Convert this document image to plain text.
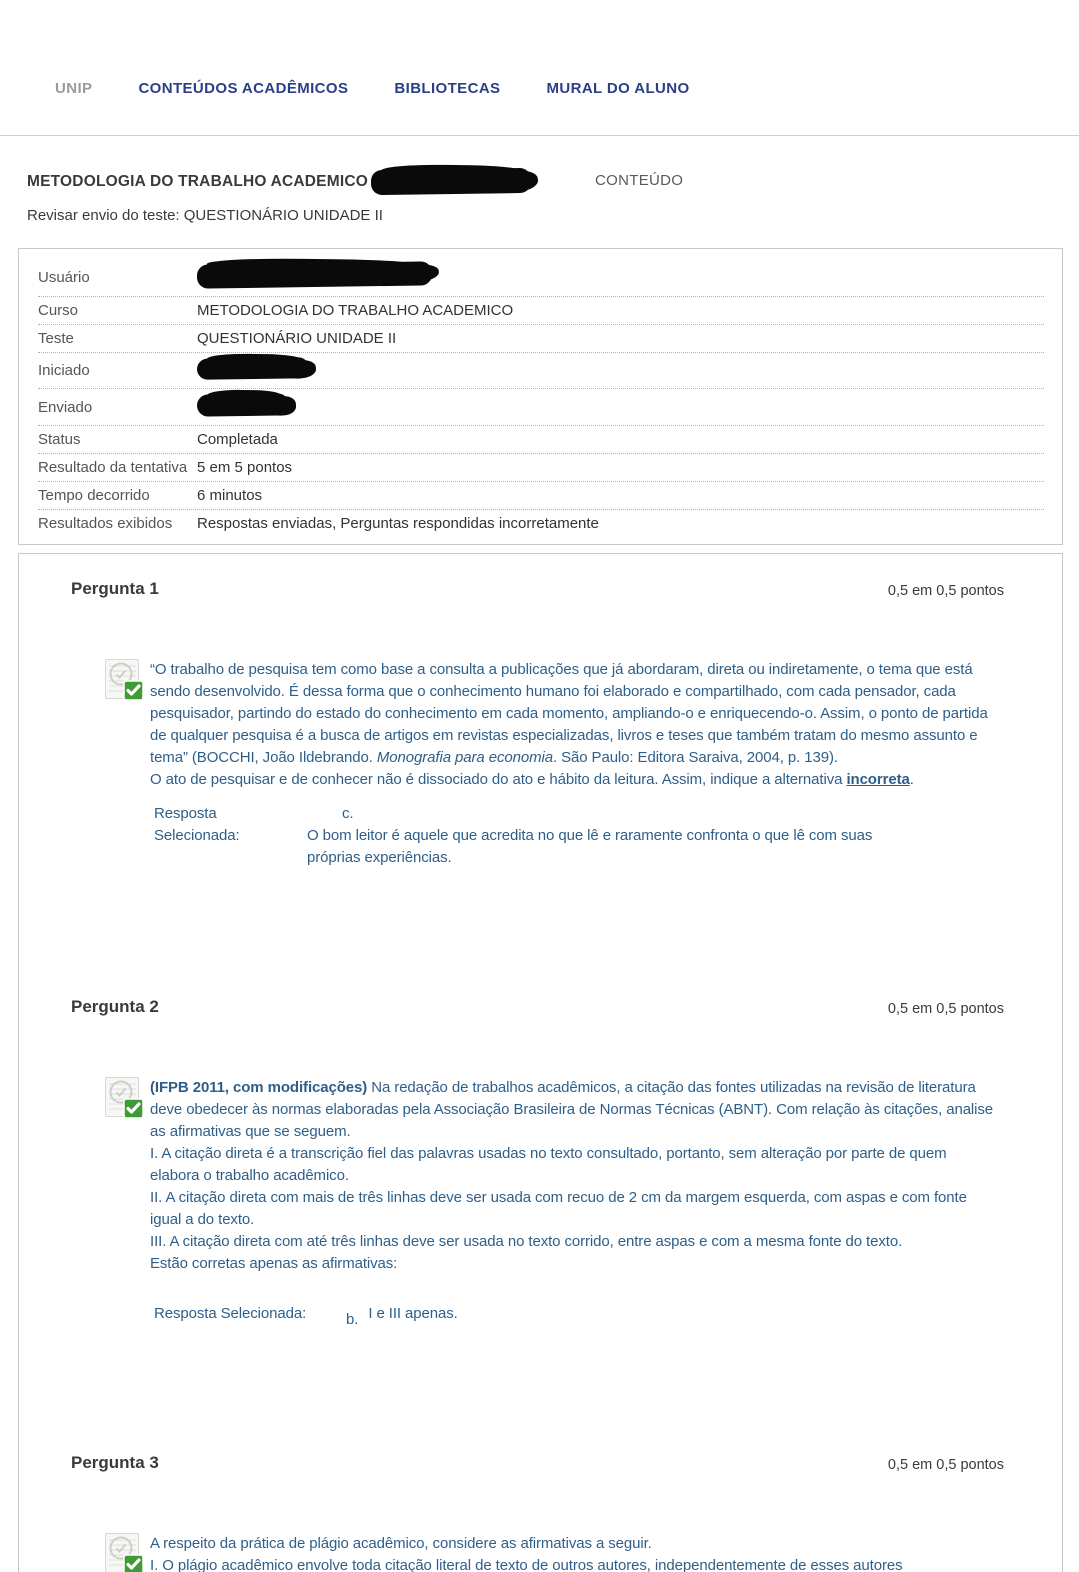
UNIP	CONTEÚDOS ACADÊMICOS	BIBLIOTECAS	MURAL DO ALUNO
METODOLOGIA DO TRABALHO ACADEMICO	CONTEÚDO
Revisar envio do teste: QUESTIONÁRIO UNIDADE II
Usuário
Curso	METODOLOGIA DO TRABALHO ACADEMICO
Teste	QUESTIONÁRIO UNIDADE II
Iniciado
Enviado
Status	Completada
Resultado da tentativa 5 em 5 pontos
Tempo decorrido	6 minutos
Resultados exibidos	Respostas enviadas, Perguntas respondidas incorretamente
Pergunta 1	0,5 em 0,5 pontos
“O trabalho de pesquisa tem como base a consulta a publicações que já abordaram, direta ou indiretamente, o tema que está sendo desenvolvido. É dessa forma que o conhecimento humano foi elaborado e compartilhado, com cada pensador, cada pesquisador, partindo do estado do conhecimento em cada momento, ampliando-o e enriquecendo-o. Assim, o ponto de partida de qualquer pesquisa é a busca de artigos em revistas especializadas, livros e teses que também tratam do mesmo assunto e tema” (BOCCHI, João Ildebrando. Monografia para economia. São Paulo: Editora Saraiva, 2004, p. 139).
O ato de pesquisar e de conhecer não é dissociado do ato e hábito da leitura. Assim, indique a alternativa incorreta.
Resposta
Selecionada:
c.
O bom leitor é aquele que acredita no que lê e raramente confronta o que lê com suas próprias experiências.
Pergunta 2	0,5 em 0,5 pontos
(IFPB 2011, com modificações) Na redação de trabalhos acadêmicos, a citação das fontes utilizadas na revisão de literatura deve obedecer às normas elaboradas pela Associação Brasileira de Normas Técnicas (ABNT). Com relação às citações, analise as afirmativas que se seguem.
I. A citação direta é a transcrição fiel das palavras usadas no texto consultado, portanto, sem alteração por parte de quem elabora o trabalho acadêmico.
II. A citação direta com mais de três linhas deve ser usada com recuo de 2 cm da margem esquerda, com aspas e com fonte igual a do texto.
III. A citação direta com até três linhas deve ser usada no texto corrido, entre aspas e com a mesma fonte do texto.
Estão corretas apenas as afirmativas:
Resposta Selecionada:	b. I e III apenas.
Pergunta 3	0,5 em 0,5 pontos
A respeito da prática de plágio acadêmico, considere as afirmativas a seguir.
I. O plágio acadêmico envolve toda citação literal de texto de outros autores, independentemente de esses autores
